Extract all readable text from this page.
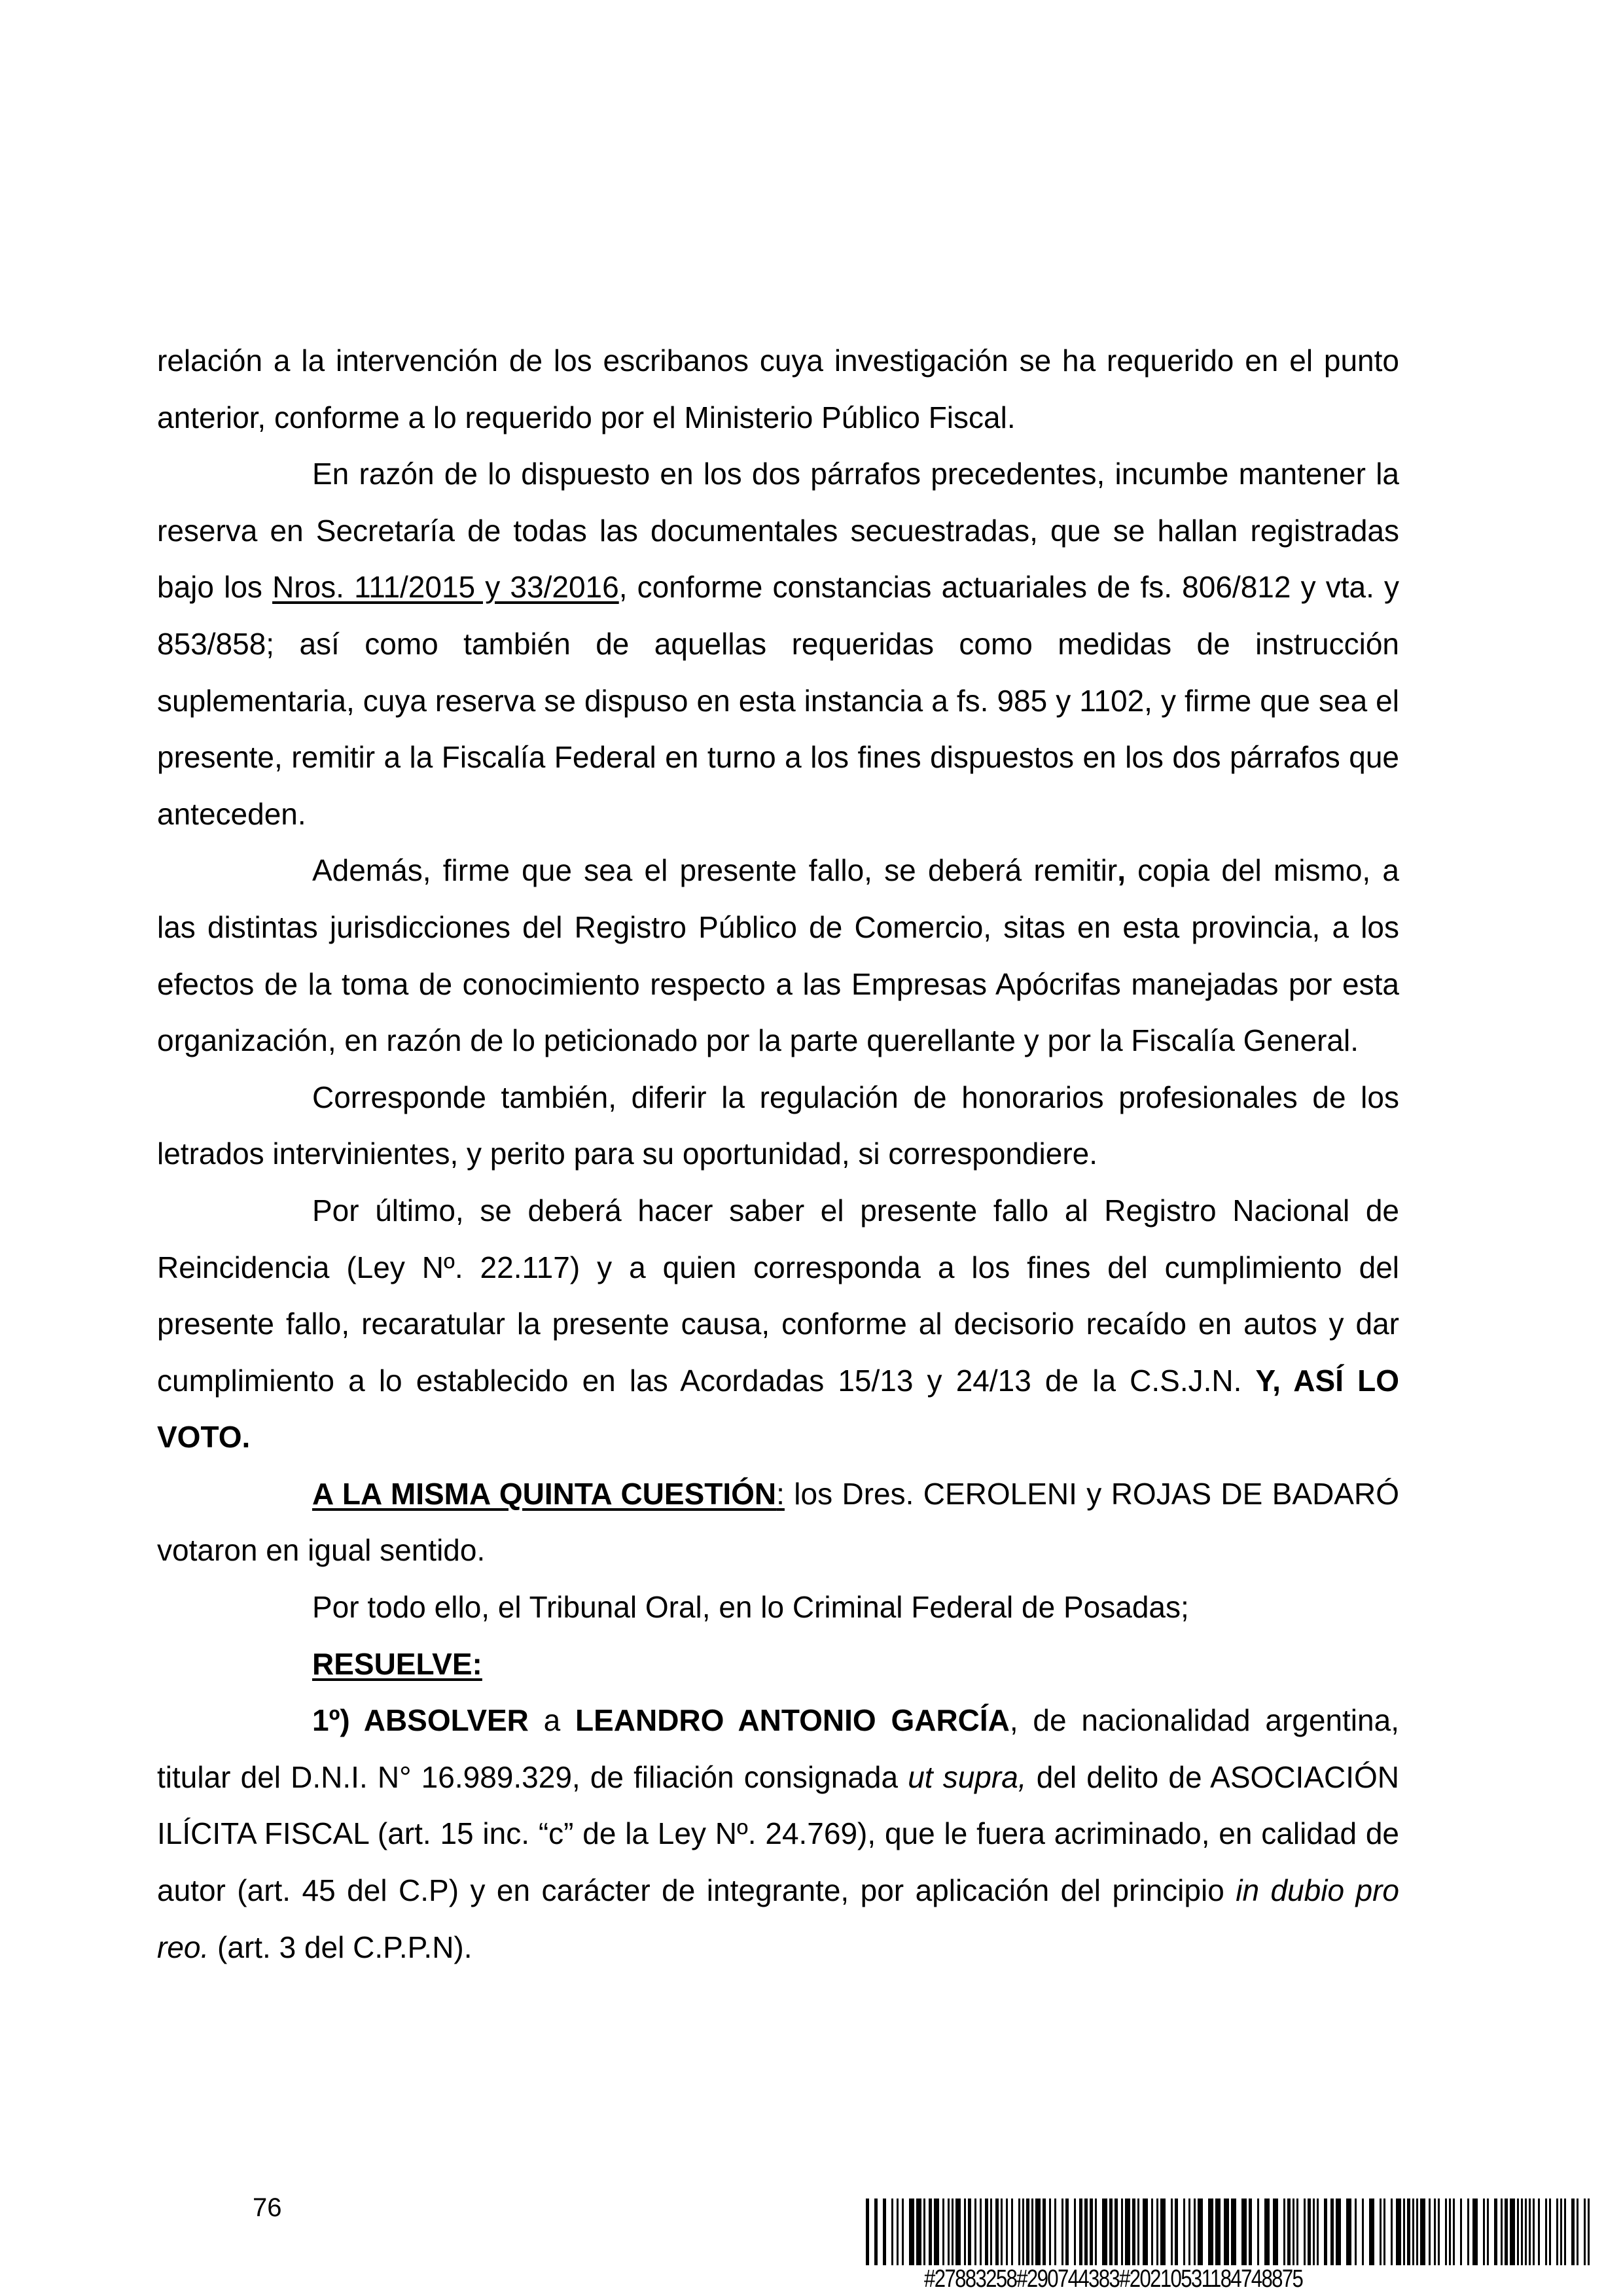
relación a la intervención de los escribanos cuya investigación se ha requerido en el punto anterior, conforme a lo requerido por el Ministerio Público Fiscal.

En razón de lo dispuesto en los dos párrafos precedentes, incumbe mantener la reserva en Secretaría de todas las documentales secuestradas, que se hallan registradas bajo los Nros. 111/2015 y 33/2016, conforme constancias actuariales de fs. 806/812 y vta. y 853/858; así como también de aquellas requeridas como medidas de instrucción suplementaria, cuya reserva se dispuso en esta instancia a fs. 985 y 1102, y firme que sea el presente, remitir a la Fiscalía Federal en turno a los fines dispuestos en los dos párrafos que anteceden.

Además, firme que sea el presente fallo, se deberá remitir, copia del mismo, a las distintas jurisdicciones del Registro Público de Comercio, sitas en esta provincia, a los efectos de la toma de conocimiento respecto a las Empresas Apócrifas manejadas por esta organización, en razón de lo peticionado por la parte querellante y por la Fiscalía General.

Corresponde también, diferir la regulación de honorarios profesionales de los letrados intervinientes, y perito para su oportunidad, si correspondiere.

Por último, se deberá hacer saber el presente fallo al Registro Nacional de Reincidencia (Ley Nº. 22.117) y a quien corresponda a los fines del cumplimiento del presente fallo, recaratular la presente causa, conforme al decisorio recaído en autos y dar cumplimiento a lo establecido en las Acordadas 15/13 y 24/13 de la C.S.J.N. Y, ASÍ LO VOTO.

A LA MISMA QUINTA CUESTIÓN: los Dres. CEROLENI y ROJAS DE BADARÓ votaron en igual sentido.

Por todo ello, el Tribunal Oral, en lo Criminal Federal de Posadas;

RESUELVE:

1º) ABSOLVER a LEANDRO ANTONIO GARCÍA, de nacionalidad argentina, titular del D.N.I. N° 16.989.329, de filiación consignada ut supra, del delito de ASOCIACIÓN ILÍCITA FISCAL (art. 15 inc. “c” de la Ley Nº. 24.769), que le fuera acriminado, en calidad de autor (art. 45 del C.P) y en carácter de integrante, por aplicación del principio in dubio pro reo. (art. 3 del C.P.P.N).

76
#27883258#290744383#20210531184748875
